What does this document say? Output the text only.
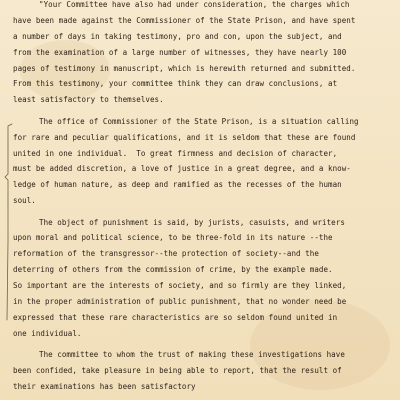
"Your Committee have also had under consideration, the charges which
have been made against the Commissioner of the State Prison, and have spent
a number of days in taking testimony, pro and con, upon the subject, and
from the examination of a large number of witnesses, they have nearly 100
pages of testimony in manuscript, which is herewith returned and submitted.
From this testimony, your committee think they can draw conclusions, at
least satisfactory to themselves.
The office of Commissioner of the State Prison, is a situation calling
for rare and peculiar qualifications, and it is seldom that these are found
united in one individual.  To great firmness and decision of character,
must be added discretion, a love of justice in a great degree, and a know-
ledge of human nature, as deep and ramified as the recesses of the human
soul.
The object of punishment is said, by jurists, casuists, and writers
upon moral and political science, to be three-fold in its nature --the
reformation of the transgressor--the protection of society--and the
deterring of others from the commission of crime, by the example made.
So important are the interests of society, and so firmly are they linked,
in the proper administration of public punishment, that no wonder need be
expressed that these rare characteristics are so seldom found united in
one individual.
The committee to whom the trust of making these investigations have
been confided, take pleasure in being able to report, that the result of
their examinations has been satisfactory
